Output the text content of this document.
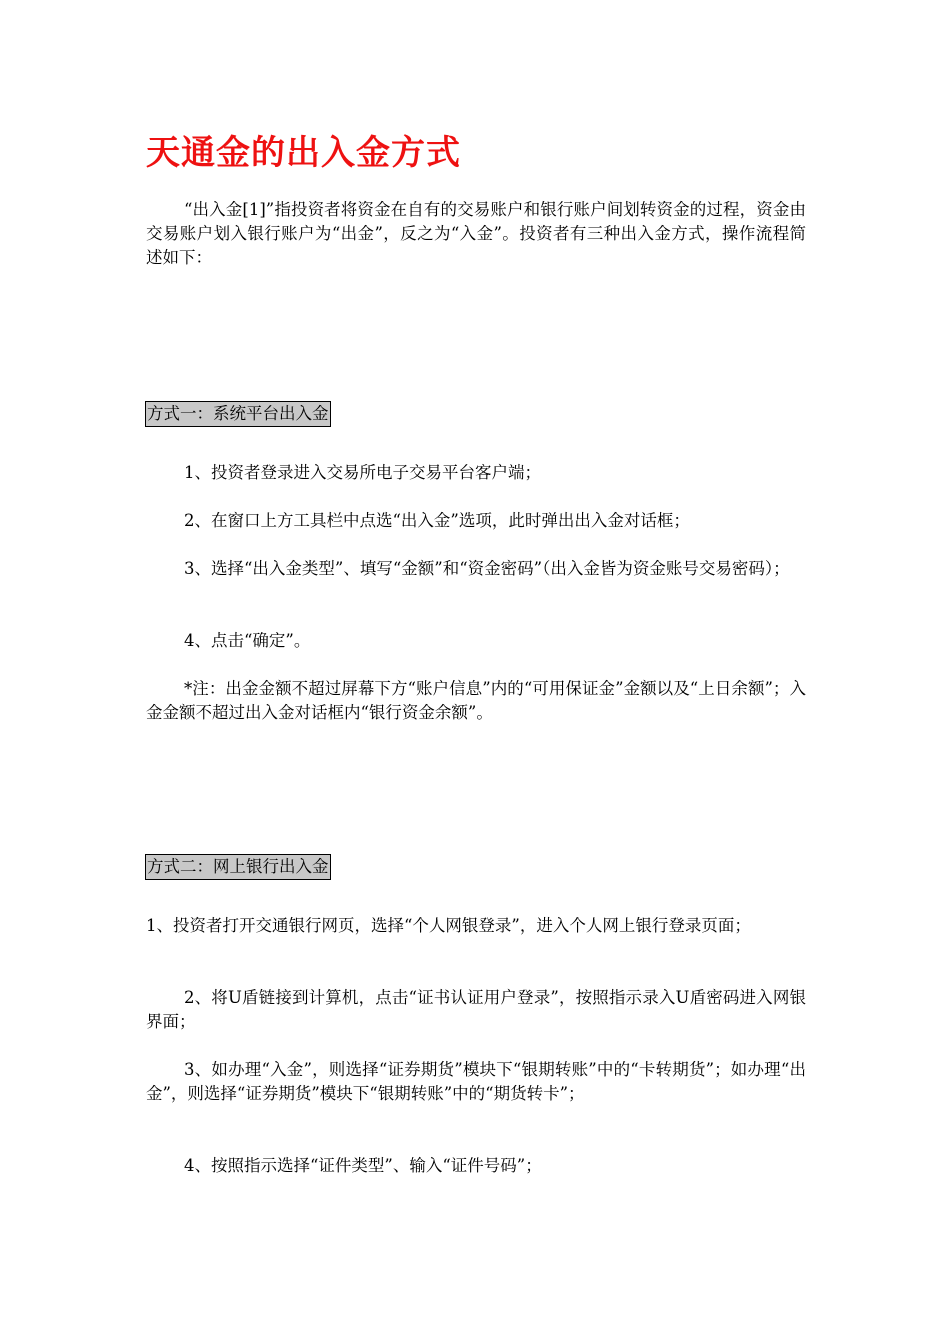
天通金的出入金方式

“出入金[1]”指投资者将资金在自有的交易账户和银行账户间划转资金的过程，资金由交易账户划入银行账户为“出金”，反之为“入金”。投资者有三种出入金方式，操作流程简述如下：

方式一：系统平台出入金

1、投资者登录进入交易所电子交易平台客户端；

2、在窗口上方工具栏中点选“出入金”选项，此时弹出出入金对话框；

3、选择“出入金类型”、填写“金额”和“资金密码”（出入金皆为资金账号交易密码）；

4、点击“确定”。

*注：出金金额不超过屏幕下方“账户信息”内的“可用保证金”金额以及“上日余额”；入金金额不超过出入金对话框内“银行资金余额”。

方式二：网上银行出入金

1、投资者打开交通银行网页，选择“个人网银登录”，进入个人网上银行登录页面；

2、将U盾链接到计算机，点击“证书认证用户登录”，按照指示录入U盾密码进入网银界面；

3、如办理“入金”，则选择“证券期货”模块下“银期转账”中的“卡转期货”；如办理“出金”，则选择“证券期货”模块下“银期转账”中的“期货转卡”；

4、按照指示选择“证件类型”、输入“证件号码”；
